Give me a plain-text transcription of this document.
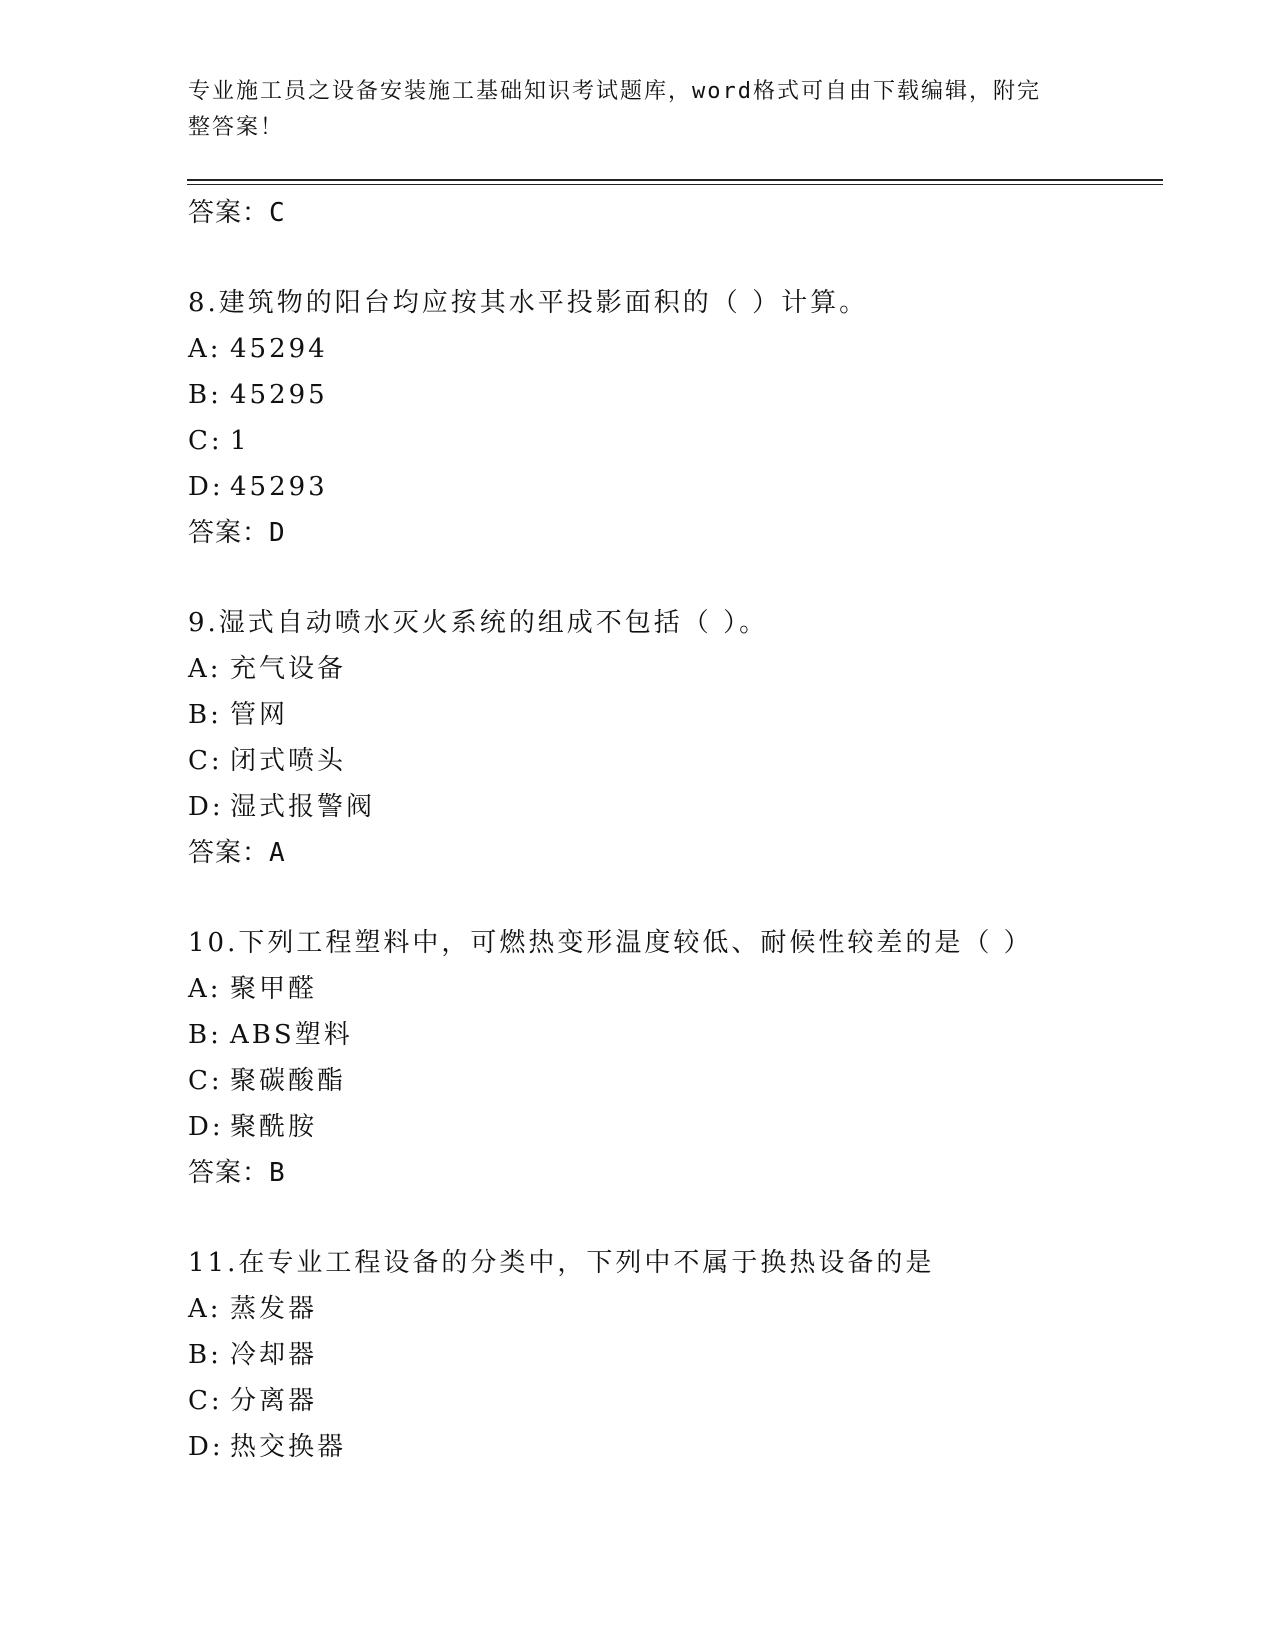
专业施工员之设备安装施工基础知识考试题库，word格式可自由下载编辑，附完
整答案！

答案：C

8.建筑物的阳台均应按其水平投影面积的（ ）计算。

A: 45294

B: 45295

C: 1

D: 45293

答案：D

9.湿式自动喷水灭火系统的组成不包括（ ）。

A: 充气设备

B: 管网

C: 闭式喷头

D: 湿式报警阀

答案：A

10.下列工程塑料中，可燃热变形温度较低、耐候性较差的是（ ）

A: 聚甲醛

B: ABS塑料

C: 聚碳酸酯

D: 聚酰胺

答案：B

11.在专业工程设备的分类中，下列中不属于换热设备的是

A: 蒸发器

B: 冷却器

C: 分离器

D: 热交换器
